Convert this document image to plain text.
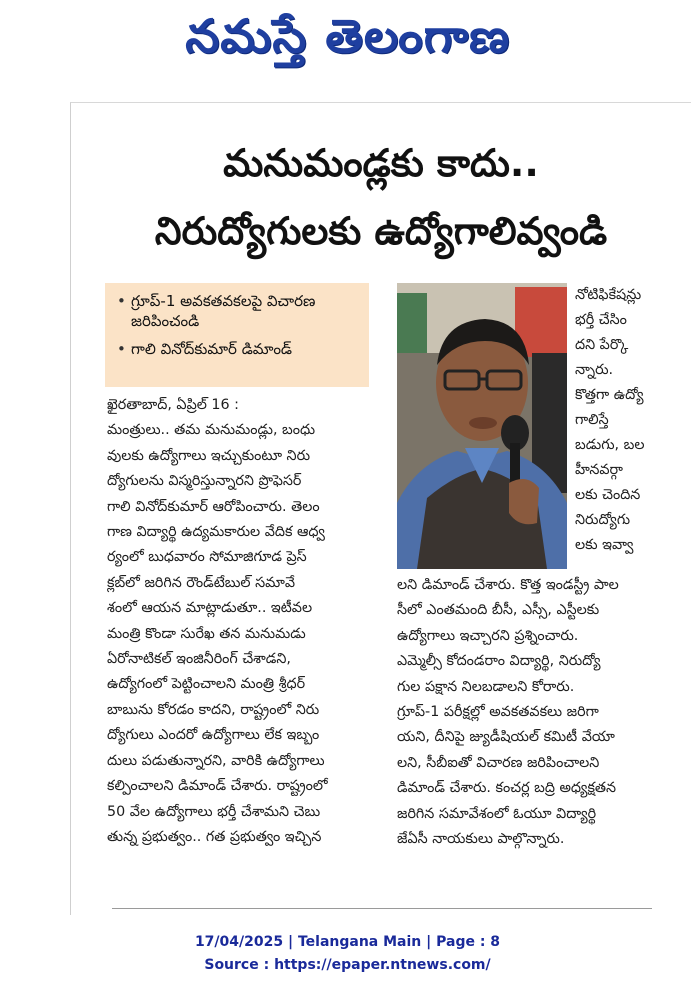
నమస్తే తెలంగాణ
మనుమండ్లకు కాదు..
నిరుద్యోగులకు ఉద్యోగాలివ్వండి
• గ్రూప్‌-1 అవకతవకలపై విచారణ జరిపించండి
• గాలి వినోద్‌కుమార్‌ డిమాండ్‌

ఖైరతాబాద్‌, ఏప్రిల్‌ 16 :

మంత్రులు.. తమ మనుమండ్లు, బంధు

వులకు ఉద్యోగాలు ఇచ్చుకుంటూ నిరు

ద్యోగులను విస్మరిస్తున్నారని ప్రొఫెసర్‌

గాలి వినోద్‌కుమార్‌ ఆరోపించారు. తెలం

గాణ విద్యార్థి ఉద్యమకారుల వేదిక ఆధ్వ

ర్యంలో బుధవారం సోమాజిగూడ ప్రెస్‌

క్లబ్‌లో జరిగిన రౌండ్‌టేబుల్‌ సమావే

శంలో ఆయన మాట్లాడుతూ.. ఇటీవల

మంత్రి కొండా సురేఖ తన మనుమడు

ఏరోనాటికల్‌ ఇంజినీరింగ్‌ చేశాడని,

ఉద్యోగంలో పెట్టించాలని మంత్రి శ్రీధర్‌

బాబును కోరడం కాదని, రాష్ట్రంలో నిరు

ద్యోగులు ఎందరో ఉద్యోగాలు లేక ఇబ్బం

దులు పడుతున్నారని, వారికి ఉద్యోగాలు

కల్పించాలని డిమాండ్‌ చేశారు. రాష్ట్రంలో

50 వేల ఉద్యోగాలు భర్తీ చేశామని చెబు

తున్న ప్రభుత్వం.. గత ప్రభుత్వం ఇచ్చిన

నోటిఫికేషన్లు

భర్తీ చేసిం

దని పేర్కొ

న్నారు.

కొత్తగా ఉద్యో

గాలిస్తే

బడుగు, బల

హీనవర్గా

లకు చెందిన

నిరుద్యోగు

లకు ఇవ్వా

లని డిమాండ్‌ చేశారు. కొత్త ఇండస్ట్రీ పాల

సీలో ఎంతమంది బీసీ, ఎస్సీ, ఎస్టీలకు

ఉద్యోగాలు ఇచ్చారని ప్రశ్నించారు.

ఎమ్మెల్సీ కోదండరాం విద్యార్థి, నిరుద్యో

గుల పక్షాన నిలబడాలని కోరారు.

గ్రూప్‌-1 పరీక్షల్లో అవకతవకలు జరిగా

యని, దీనిపై జ్యుడీషియల్‌ కమిటీ వేయా

లని, సీబీఐతో విచారణ జరిపించాలని

డిమాండ్‌ చేశారు. కంచర్ల బద్రి అధ్యక్షతన

జరిగిన సమావేశంలో ఓయూ విద్యార్థి

జేఏసీ నాయకులు పాల్గొన్నారు.

17/04/2025 | Telangana Main | Page : 8
Source : https://epaper.ntnews.com/
